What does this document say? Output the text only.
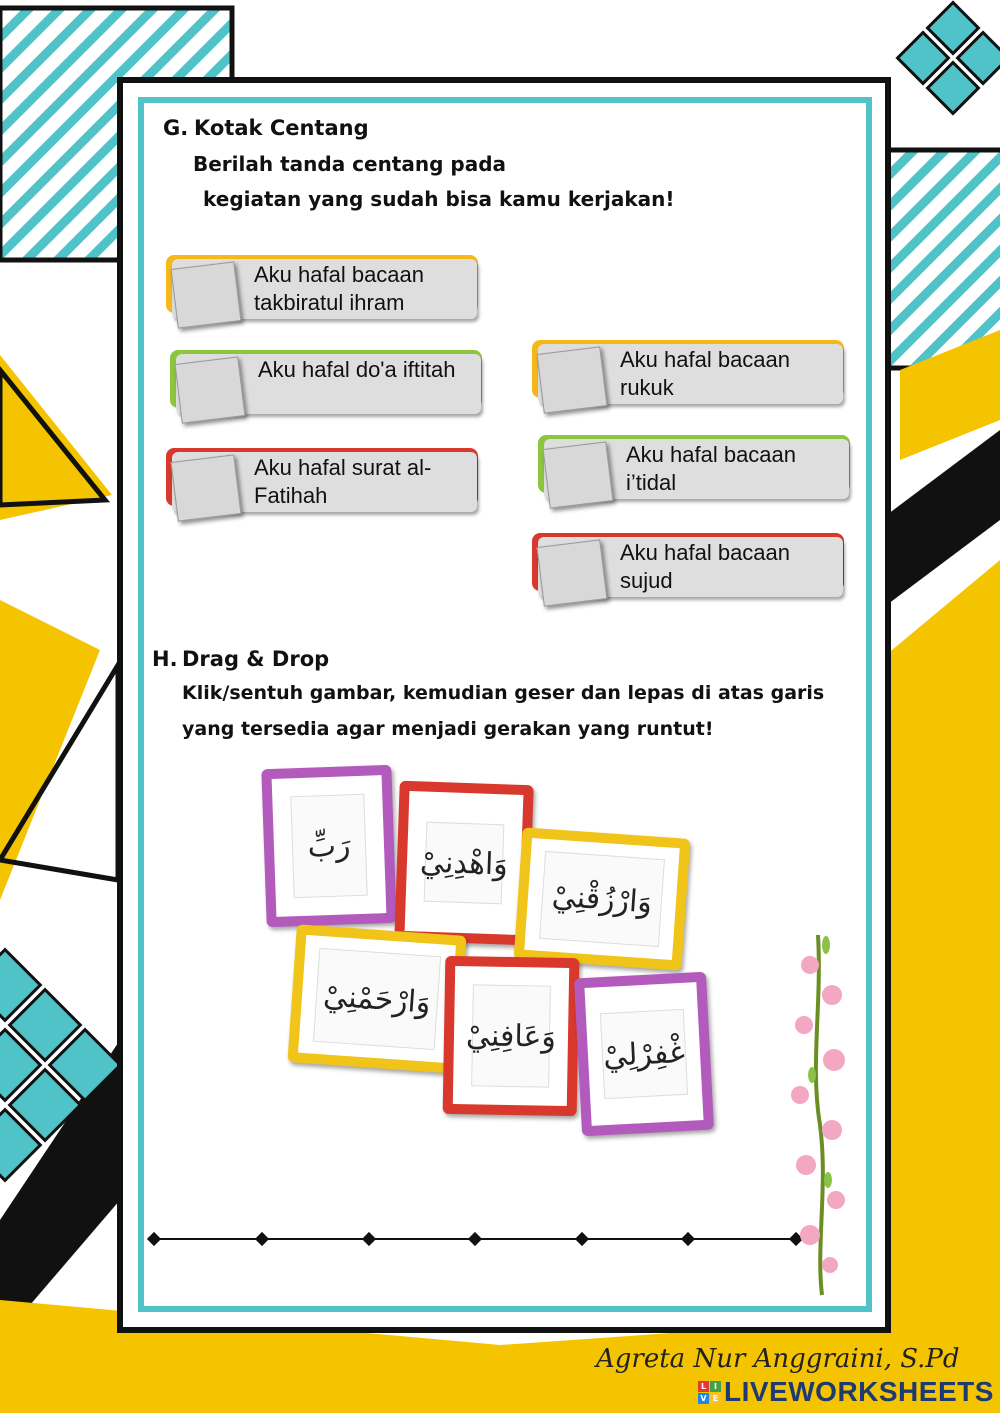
G. Kotak Centang
Berilah tanda centang pada
kegiatan yang sudah bisa kamu kerjakan!
Aku hafal bacaan takbiratul ihram
Aku hafal do'a iftitah
Aku hafal surat al-Fatihah
Aku hafal bacaan rukuk
Aku hafal bacaan i’tidal
Aku hafal bacaan sujud
H. Drag & Drop
Klik/sentuh gambar, kemudian geser dan lepas di atas garis
yang tersedia agar menjadi gerakan yang runtut!
رَبِّ	وَاهْدِنِيْ
وَارْزُقْنِيْ
وَارْحَمْنِيْ
وَعَافِنِيْ غْفِرْلِيْ
Agreta Nur Anggraini, S.Pd
L I
V E LIVEWORKSHEETS
